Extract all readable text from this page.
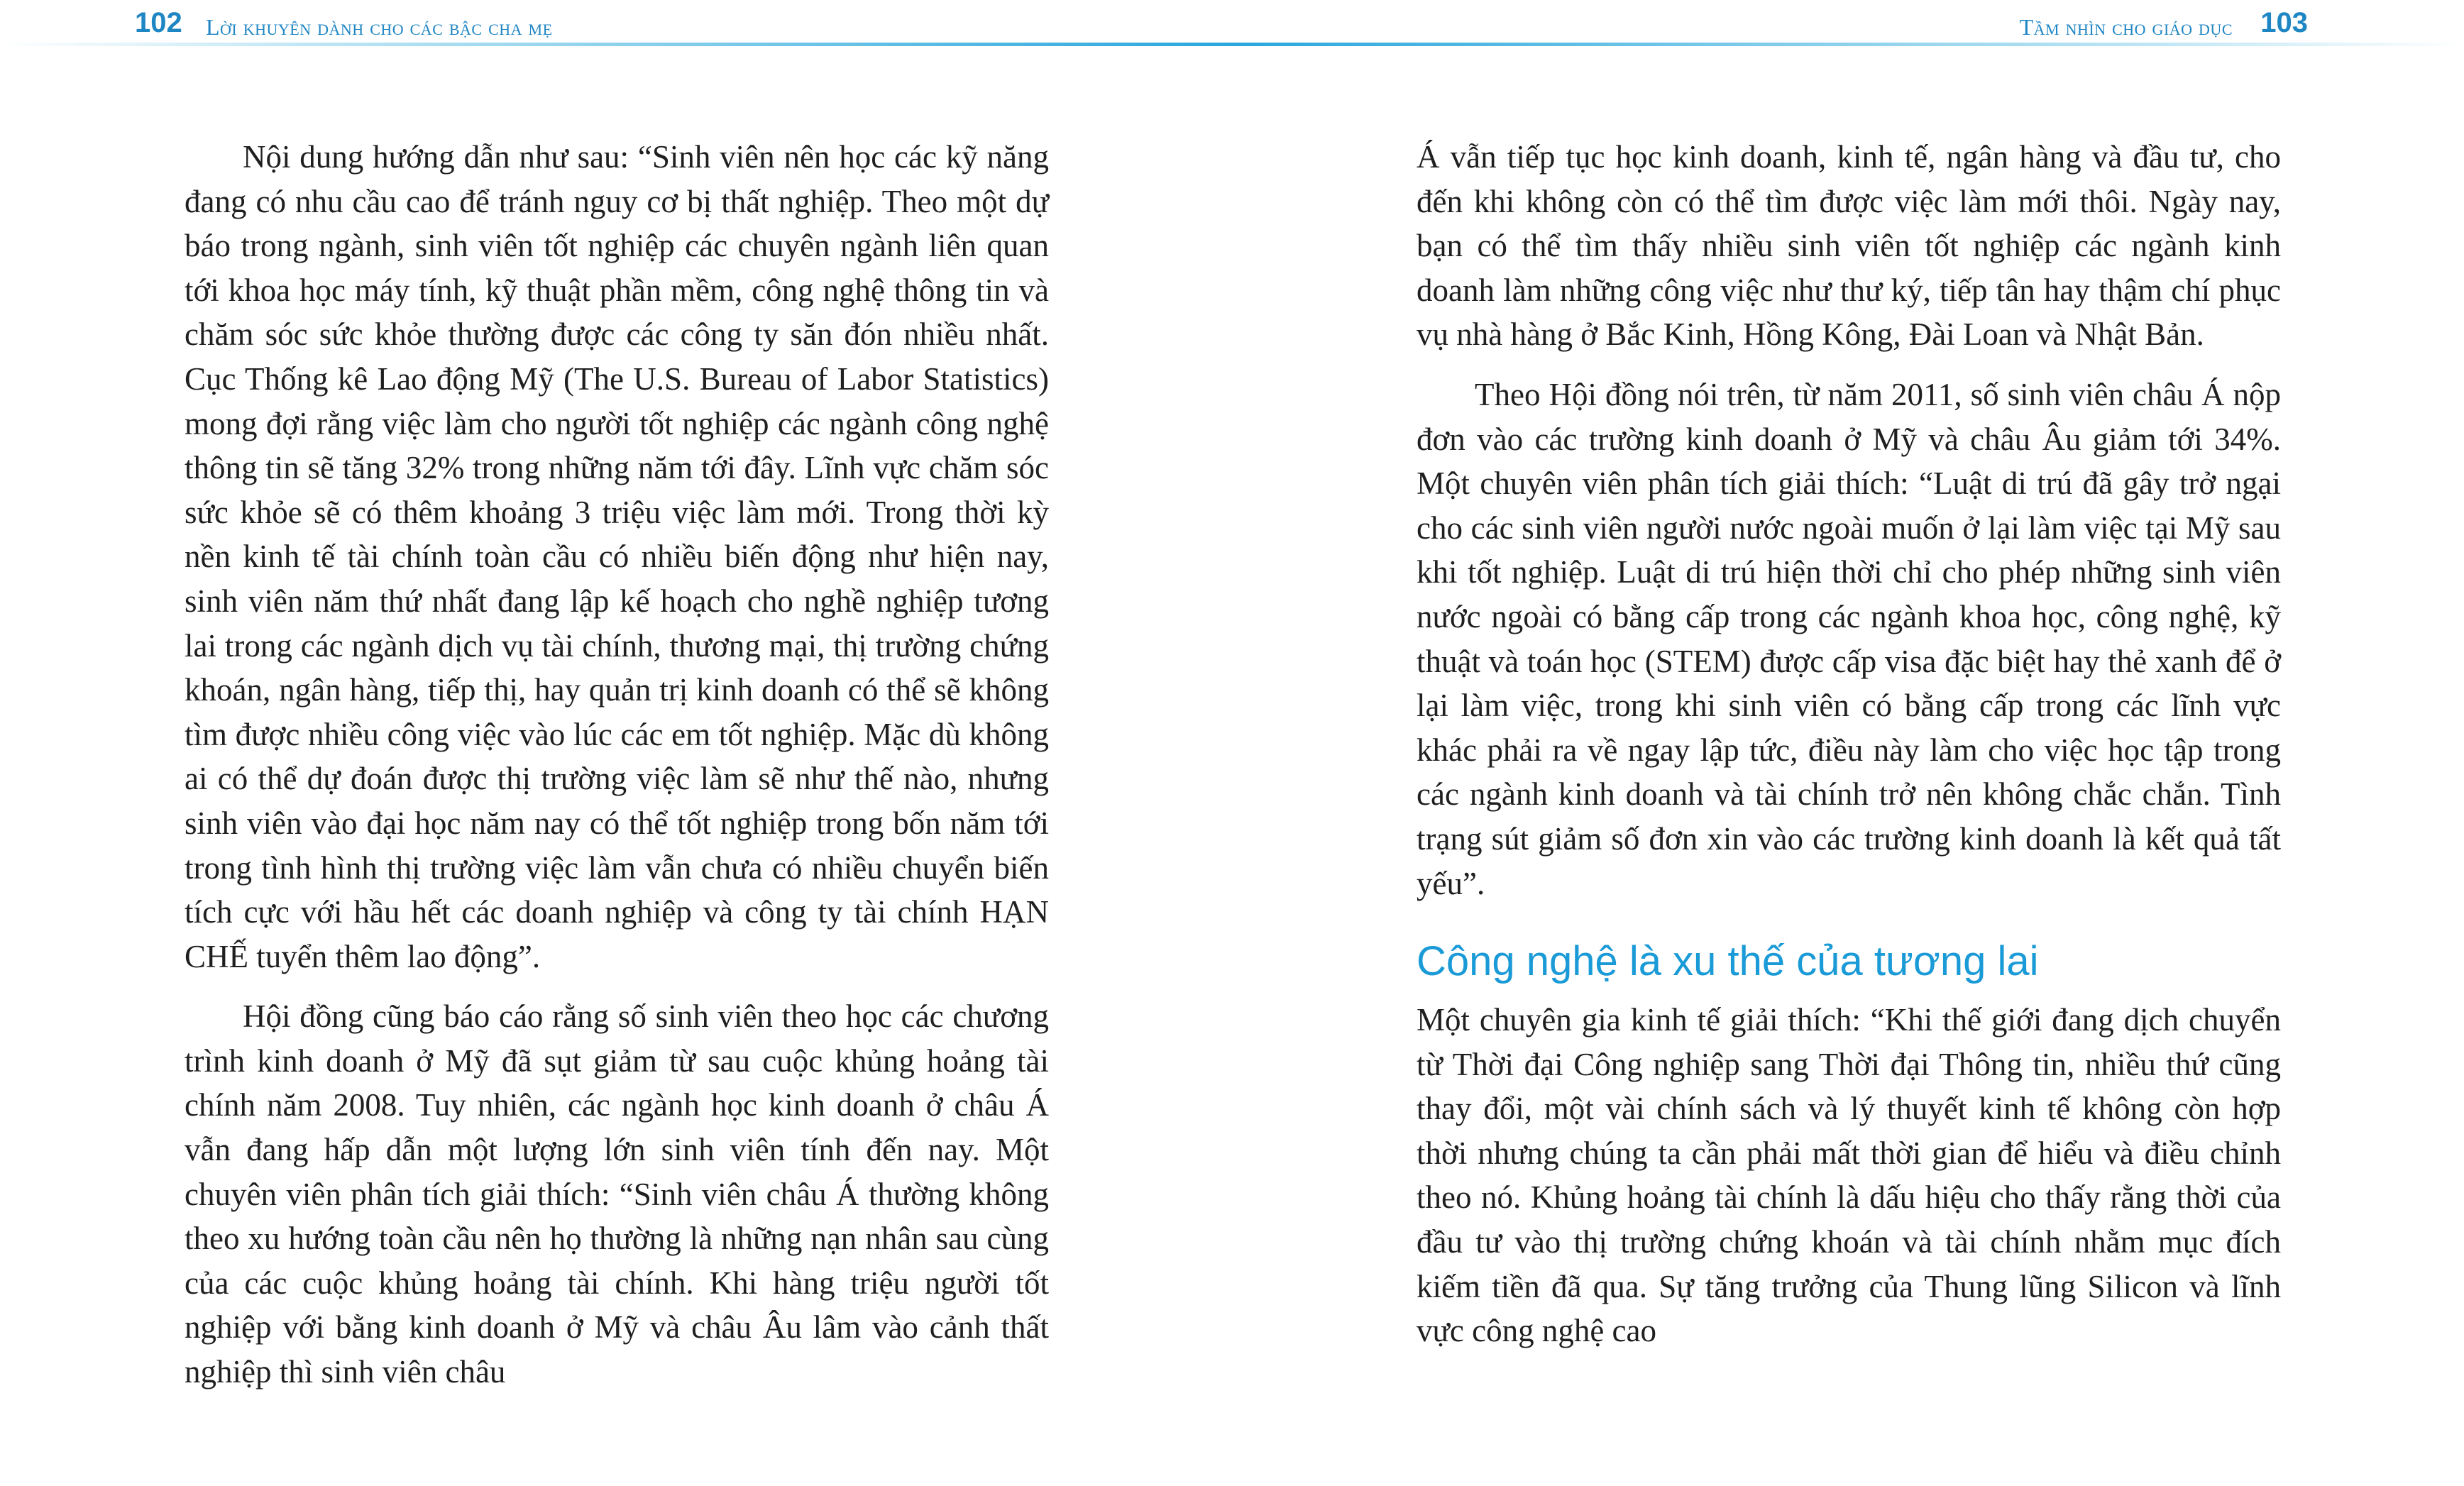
102 Lời khuyên dành cho các bậc cha mẹ	Tầm nhìn cho giáo dục 103

Nội dung hướng dẫn như sau: “Sinh viên nên học các kỹ năng đang có nhu cầu cao để tránh nguy cơ bị thất nghiệp. Theo một dự báo trong ngành, sinh viên tốt nghiệp các chuyên ngành liên quan tới khoa học máy tính, kỹ thuật phần mềm, công nghệ thông tin và chăm sóc sức khỏe thường được các công ty săn đón nhiều nhất. Cục Thống kê Lao động Mỹ (The U.S. Bureau of Labor Statistics) mong đợi rằng việc làm cho người tốt nghiệp các ngành công nghệ thông tin sẽ tăng 32% trong những năm tới đây. Lĩnh vực chăm sóc sức khỏe sẽ có thêm khoảng 3 triệu việc làm mới. Trong thời kỳ nền kinh tế tài chính toàn cầu có nhiều biến động như hiện nay, sinh viên năm thứ nhất đang lập kế hoạch cho nghề nghiệp tương lai trong các ngành dịch vụ tài chính, thương mại, thị trường chứng khoán, ngân hàng, tiếp thị, hay quản trị kinh doanh có thể sẽ không tìm được nhiều công việc vào lúc các em tốt nghiệp. Mặc dù không ai có thể dự đoán được thị trường việc làm sẽ như thế nào, nhưng sinh viên vào đại học năm nay có thể tốt nghiệp trong bốn năm tới trong tình hình thị trường việc làm vẫn chưa có nhiều chuyển biến tích cực với hầu hết các doanh nghiệp và công ty tài chính HẠN CHẾ tuyển thêm lao động”.

Hội đồng cũng báo cáo rằng số sinh viên theo học các chương trình kinh doanh ở Mỹ đã sụt giảm từ sau cuộc khủng hoảng tài chính năm 2008. Tuy nhiên, các ngành học kinh doanh ở châu Á vẫn đang hấp dẫn một lượng lớn sinh viên tính đến nay. Một chuyên viên phân tích giải thích: “Sinh viên châu Á thường không theo xu hướng toàn cầu nên họ thường là những nạn nhân sau cùng của các cuộc khủng hoảng tài chính. Khi hàng triệu người tốt nghiệp với bằng kinh doanh ở Mỹ và châu Âu lâm vào cảnh thất nghiệp thì sinh viên châu

Á vẫn tiếp tục học kinh doanh, kinh tế, ngân hàng và đầu tư, cho đến khi không còn có thể tìm được việc làm mới thôi. Ngày nay, bạn có thể tìm thấy nhiều sinh viên tốt nghiệp các ngành kinh doanh làm những công việc như thư ký, tiếp tân hay thậm chí phục vụ nhà hàng ở Bắc Kinh, Hồng Kông, Đài Loan và Nhật Bản.

Theo Hội đồng nói trên, từ năm 2011, số sinh viên châu Á nộp đơn vào các trường kinh doanh ở Mỹ và châu Âu giảm tới 34%. Một chuyên viên phân tích giải thích: “Luật di trú đã gây trở ngại cho các sinh viên người nước ngoài muốn ở lại làm việc tại Mỹ sau khi tốt nghiệp. Luật di trú hiện thời chỉ cho phép những sinh viên nước ngoài có bằng cấp trong các ngành khoa học, công nghệ, kỹ thuật và toán học (STEM) được cấp visa đặc biệt hay thẻ xanh để ở lại làm việc, trong khi sinh viên có bằng cấp trong các lĩnh vực khác phải ra về ngay lập tức, điều này làm cho việc học tập trong các ngành kinh doanh và tài chính trở nên không chắc chắn. Tình trạng sút giảm số đơn xin vào các trường kinh doanh là kết quả tất yếu”.

Công nghệ là xu thế của tương lai

Một chuyên gia kinh tế giải thích: “Khi thế giới đang dịch chuyển từ Thời đại Công nghiệp sang Thời đại Thông tin, nhiều thứ cũng thay đổi, một vài chính sách và lý thuyết kinh tế không còn hợp thời nhưng chúng ta cần phải mất thời gian để hiểu và điều chỉnh theo nó. Khủng hoảng tài chính là dấu hiệu cho thấy rằng thời của đầu tư vào thị trường chứng khoán và tài chính nhằm mục đích kiếm tiền đã qua. Sự tăng trưởng của Thung lũng Silicon và lĩnh vực công nghệ cao
